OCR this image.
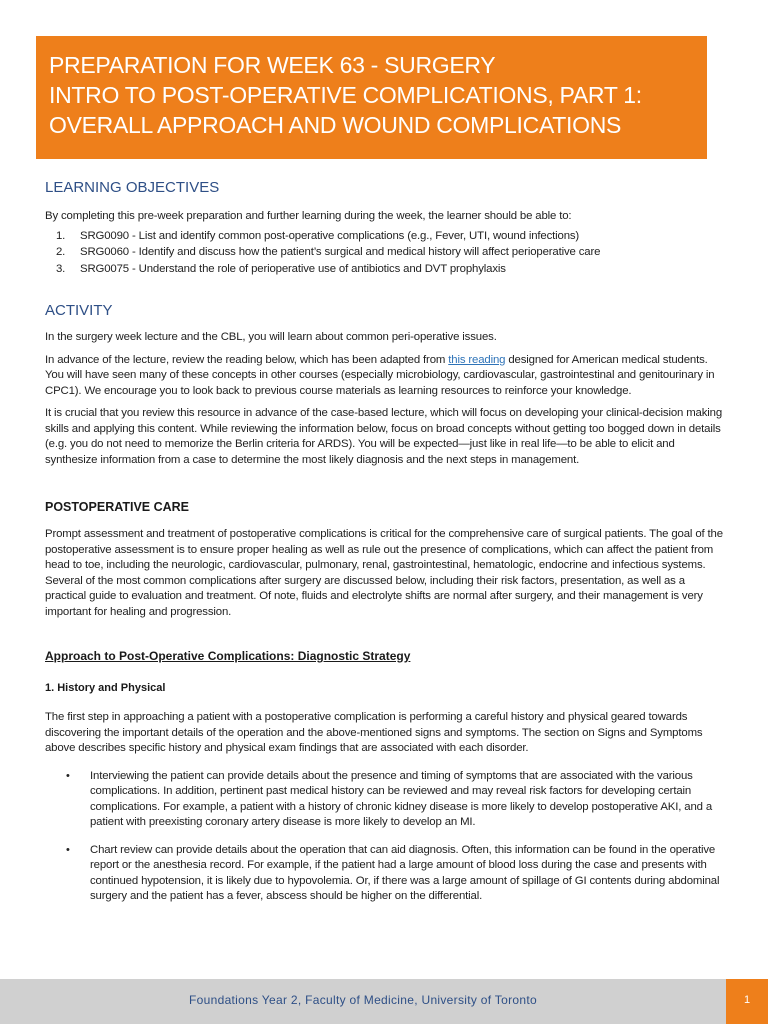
PREPARATION FOR WEEK 63 - SURGERY
INTRO TO POST-OPERATIVE COMPLICATIONS, PART 1:
OVERALL APPROACH AND WOUND COMPLICATIONS
LEARNING OBJECTIVES

By completing this pre-week preparation and further learning during the week, the learner should be able to:

1. SRG0090 - List and identify common post-operative complications (e.g., Fever, UTI, wound infections)
2. SRG0060 - Identify and discuss how the patient’s surgical and medical history will affect perioperative care
3. SRG0075 - Understand the role of perioperative use of antibiotics and DVT prophylaxis
ACTIVITY

In the surgery week lecture and the CBL, you will learn about common peri-operative issues.

In advance of the lecture, review the reading below, which has been adapted from this reading designed for American medical students. You will have seen many of these concepts in other courses (especially microbiology, cardiovascular, gastrointestinal and genitourinary in CPC1). We encourage you to look back to previous course materials as learning resources to reinforce your knowledge.

It is crucial that you review this resource in advance of the case-based lecture, which will focus on developing your clinical-decision making skills and applying this content. While reviewing the information below, focus on broad concepts without getting too bogged down in details (e.g. you do not need to memorize the Berlin criteria for ARDS). You will be expected—just like in real life—to be able to elicit and synthesize information from a case to determine the most likely diagnosis and the next steps in management.

POSTOPERATIVE CARE

Prompt assessment and treatment of postoperative complications is critical for the comprehensive care of surgical patients. The goal of the postoperative assessment is to ensure proper healing as well as rule out the presence of complications, which can affect the patient from head to toe, including the neurologic, cardiovascular, pulmonary, renal, gastrointestinal, hematologic, endocrine and infectious systems. Several of the most common complications after surgery are discussed below, including their risk factors, presentation, as well as a practical guide to evaluation and treatment. Of note, fluids and electrolyte shifts are normal after surgery, and their management is very important for healing and progression.

Approach to Post-Operative Complications: Diagnostic Strategy
1. History and Physical

The first step in approaching a patient with a postoperative complication is performing a careful history and physical geared towards discovering the important details of the operation and the above-mentioned signs and symptoms. The section on Signs and Symptoms above describes specific history and physical exam findings that are associated with each disorder.

• Interviewing the patient can provide details about the presence and timing of symptoms that are associated with the various complications. In addition, pertinent past medical history can be reviewed and may reveal risk factors for developing certain complications. For example, a patient with a history of chronic kidney disease is more likely to develop postoperative AKI, and a patient with preexisting coronary artery disease is more likely to develop an MI.
• Chart review can provide details about the operation that can aid diagnosis. Often, this information can be found in the operative report or the anesthesia record. For example, if the patient had a large amount of blood loss during the case and presents with continued hypotension, it is likely due to hypovolemia. Or, if there was a large amount of spillage of GI contents during abdominal surgery and the patient has a fever, abscess should be higher on the differential.
Foundations Year 2, Faculty of Medicine, University of Toronto	1
